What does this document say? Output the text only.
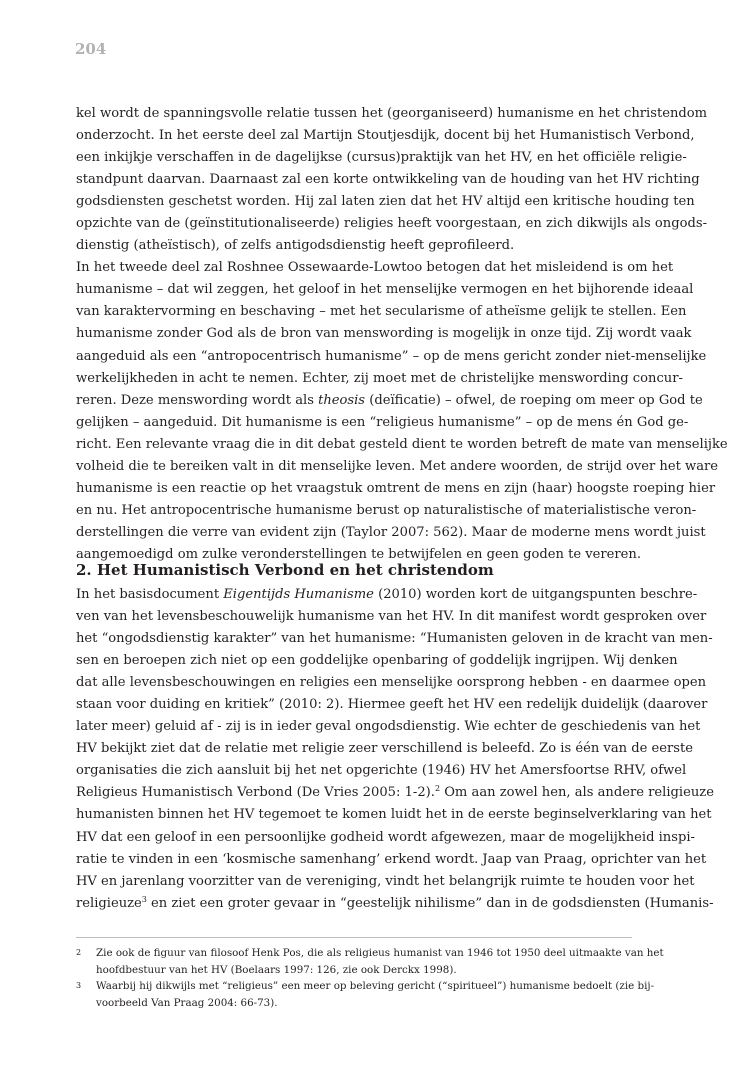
204
kel wordt de spanningsvolle relatie tussen het (georganiseerd) humanisme en het christendom
onderzocht. In het eerste deel zal Martijn Stoutjesdijk, docent bij het Humanistisch Verbond,
een inkijkje verschaffen in de dagelijkse (cursus)praktijk van het HV, en het officiële religie-
standpunt daarvan. Daarnaast zal een korte ontwikkeling van de houding van het HV richting
godsdiensten geschetst worden. Hij zal laten zien dat het HV altijd een kritische houding ten
opzichte van de (geïnstitutionaliseerde) religies heeft voorgestaan, en zich dikwijls als ongods-
dienstig (atheïstisch), of zelfs antigodsdienstig heeft geprofileerd.
In het tweede deel zal Roshnee Ossewaarde-Lowtoo betogen dat het misleidend is om het
humanisme – dat wil zeggen, het geloof in het menselijke vermogen en het bijhorende ideaal
van karaktervorming en beschaving – met het secularisme of atheïsme gelijk te stellen. Een
humanisme zonder God als de bron van menswording is mogelijk in onze tijd. Zij wordt vaak
aangeduid als een “antropocentrisch humanisme” – op de mens gericht zonder niet-menselijke
werkelijkheden in acht te nemen. Echter, zij moet met de christelijke menswording concur-
reren. Deze menswording wordt als theosis (deïficatie) – ofwel, de roeping om meer op God te
gelijken – aangeduid. Dit humanisme is een “religieus humanisme” – op de mens én God ge-
richt. Een relevante vraag die in dit debat gesteld dient te worden betreft de mate van menselijke
volheid die te bereiken valt in dit menselijke leven. Met andere woorden, de strijd over het ware
humanisme is een reactie op het vraagstuk omtrent de mens en zijn (haar) hoogste roeping hier
en nu. Het antropocentrische humanisme berust op naturalistische of materialistische veron-
derstellingen die verre van evident zijn (Taylor 2007: 562). Maar de moderne mens wordt juist
aangemoedigd om zulke veronderstellingen te betwijfelen en geen goden te vereren.
2. Het Humanistisch Verbond en het christendom
In het basisdocument Eigentijds Humanisme (2010) worden kort de uitgangspunten beschre-
ven van het levensbeschouwelijk humanisme van het HV. In dit manifest wordt gesproken over
het “ongodsdienstig karakter” van het humanisme: “Humanisten geloven in de kracht van men-
sen en beroepen zich niet op een goddelijke openbaring of goddelijk ingrijpen. Wij denken
dat alle levensbeschouwingen en religies een menselijke oorsprong hebben - en daarmee open
staan voor duiding en kritiek” (2010: 2). Hiermee geeft het HV een redelijk duidelijk (daarover
later meer) geluid af - zij is in ieder geval ongodsdienstig. Wie echter de geschiedenis van het
HV bekijkt ziet dat de relatie met religie zeer verschillend is beleefd. Zo is één van de eerste
organisaties die zich aansluit bij het net opgerichte (1946) HV het Amersfoortse RHV, ofwel
Religieus Humanistisch Verbond (De Vries 2005: 1-2).$^2$ Om aan zowel hen, als andere religieuze
humanisten binnen het HV tegemoet te komen luidt het in de eerste beginselverklaring van het
HV dat een geloof in een persoonlijke godheid wordt afgewezen, maar de mogelijkheid inspi-
ratie te vinden in een ‘kosmische samenhang’ erkend wordt. Jaap van Praag, oprichter van het
HV en jarenlang voorzitter van de vereniging, vindt het belangrijk ruimte te houden voor het
religieuze$^3$ en ziet een groter gevaar in “geestelijk nihilisme” dan in de godsdiensten (Humanis-
2	Zie ook de figuur van filosoof Henk Pos, die als religieus humanist van 1946 tot 1950 deel uitmaakte van het
hoofdbestuur van het HV (Boelaars 1997: 126, zie ook Derckx 1998).
3	Waarbij hij dikwijls met “religieus” een meer op beleving gericht (“spiritueel”) humanisme bedoelt (zie bij-
voorbeeld Van Praag 2004: 66-73).
